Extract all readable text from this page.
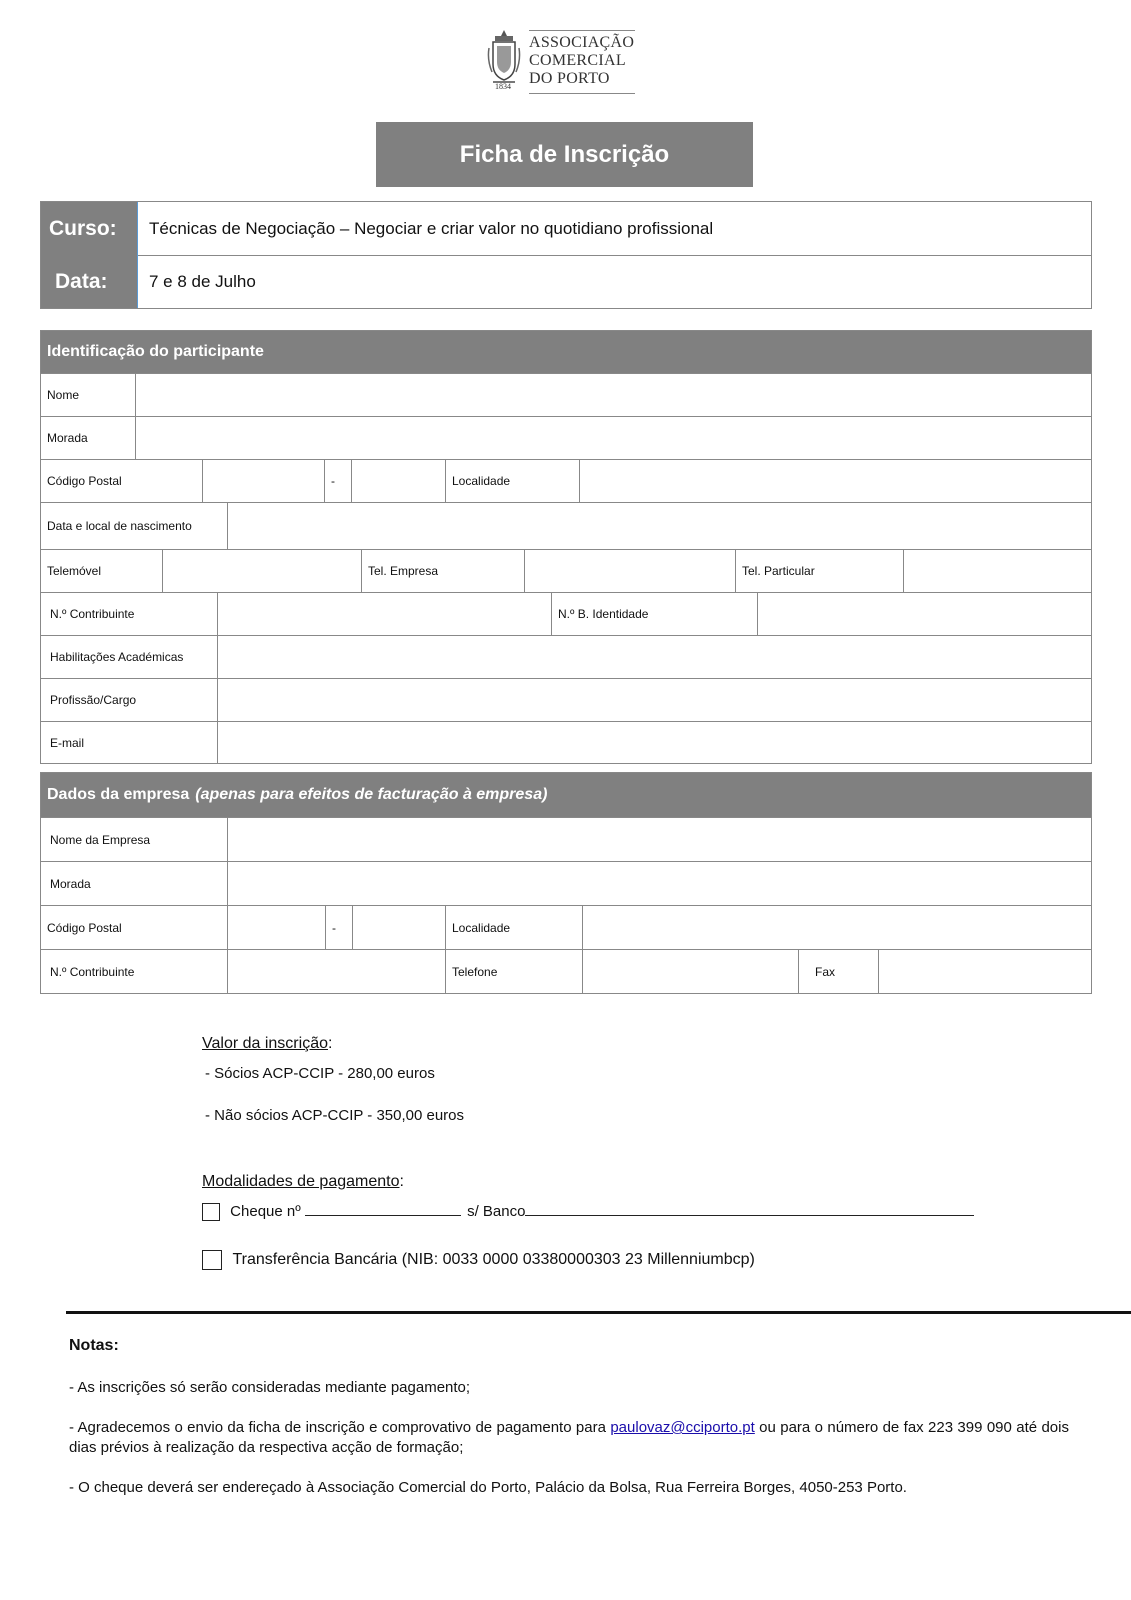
1834
ASSOCIAÇÃO
COMERCIAL
DO PORTO
Ficha de Inscrição
Curso:	Técnicas de Negociação – Negociar e criar valor no quotidiano profissional
Data:	7 e 8 de Julho
Identificação do participante
Nome
Morada
Código Postal	-	Localidade
Data e local de nascimento
Telemóvel	Tel. Empresa	Tel. Particular
N.º Contribuinte	N.º B. Identidade
Habilitações Académicas
Profissão/Cargo
E-mail
Dados da empresa (apenas para efeitos de facturação à empresa)
Nome da Empresa
Morada
Código Postal	-	Localidade
N.º Contribuinte	Telefone	Fax
Valor da inscrição:
- Sócios ACP-CCIP - 280,00 euros
- Não sócios ACP-CCIP - 350,00 euros
Modalidades de pagamento:
Cheque nº	s/ Banco
Transferência Bancária (NIB: 0033 0000 03380000303 23 Millenniumbcp)
Notas:
- As inscrições só serão consideradas mediante pagamento;
- Agradecemos o envio da ficha de inscrição e comprovativo de pagamento para paulovaz@cciporto.pt ou para o número de fax 223 399 090 até dois dias prévios à realização da respectiva acção de formação;
- O cheque deverá ser endereçado à Associação Comercial do Porto, Palácio da Bolsa, Rua Ferreira Borges, 4050-253 Porto.
